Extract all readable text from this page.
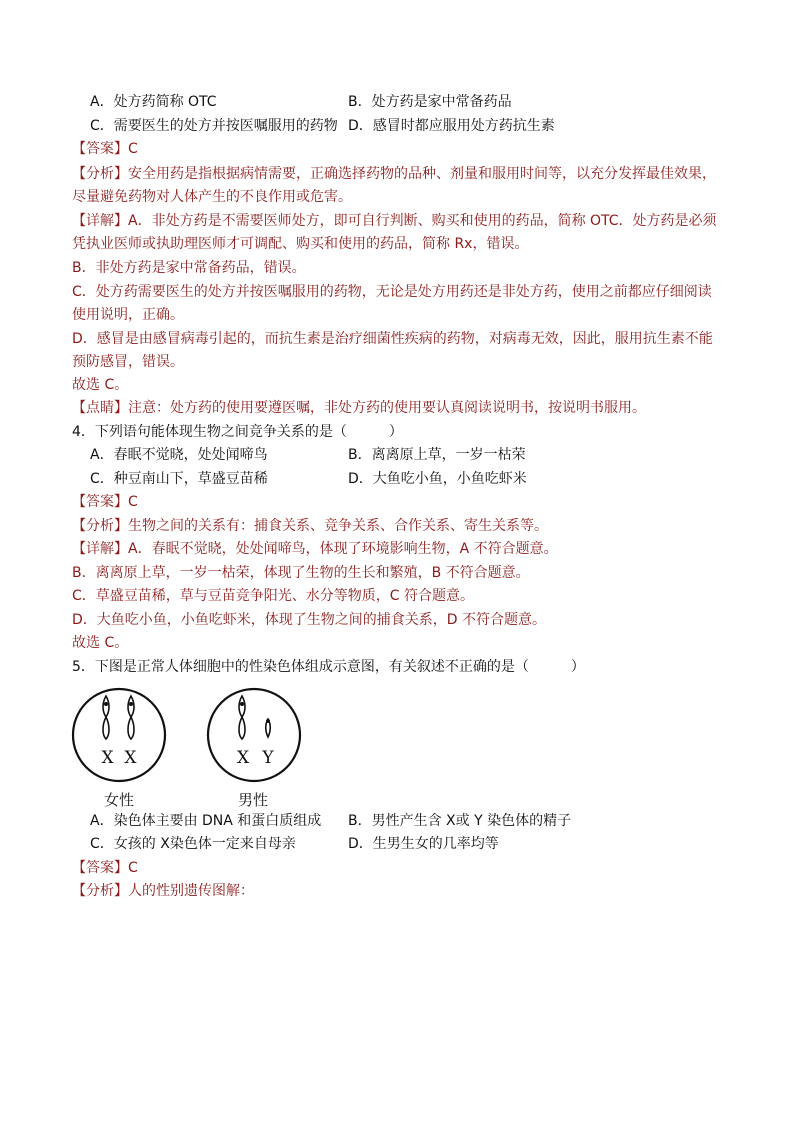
A．处方药简称 OTC	B．处方药是家中常备药品
C．需要医生的处方并按医嘱服用的药物 D．感冒时都应服用处方药抗生素
【答案】C
【分析】安全用药是指根据病情需要，正确选择药物的品种、剂量和服用时间等，以充分发挥最佳效果，尽量避免药物对人体产生的不良作用或危害。
【详解】A．非处方药是不需要医师处方，即可自行判断、购买和使用的药品，简称 OTC．处方药是必须凭执业医师或执助理医师才可调配、购买和使用的药品，简称 Rx，错误。
B．非处方药是家中常备药品，错误。
C．处方药需要医生的处方并按医嘱服用的药物，无论是处方用药还是非处方药，使用之前都应仔细阅读使用说明，正确。
D．感冒是由感冒病毒引起的，而抗生素是治疗细菌性疾病的药物，对病毒无效，因此，服用抗生素不能预防感冒，错误。
故选 C。
【点睛】注意：处方药的使用要遵医嘱，非处方药的使用要认真阅读说明书，按说明书服用。
4．下列语句能体现生物之间竞争关系的是（　　　）
A．春眠不觉晓，处处闻啼鸟	B．离离原上草，一岁一枯荣
C．种豆南山下，草盛豆苗稀	D．大鱼吃小鱼，小鱼吃虾米
【答案】C
【分析】生物之间的关系有：捕食关系、竞争关系、合作关系、寄生关系等。
【详解】A．春眠不觉晓，处处闻啼鸟，体现了环境影响生物，A 不符合题意。
B．离离原上草，一岁一枯荣，体现了生物的生长和繁殖，B 不符合题意。
C．草盛豆苗稀，草与豆苗竞争阳光、水分等物质，C 符合题意。
D．大鱼吃小鱼，小鱼吃虾米，体现了生物之间的捕食关系，D 不符合题意。
故选 C。
5．下图是正常人体细胞中的性染色体组成示意图，有关叙述不正确的是（　　　）
X  X	X Y
女性	男性
A．染色体主要由 DNA 和蛋白质组成	B．男性产生含 X或 Y 染色体的精子
C．女孩的 X染色体一定来自母亲	D．生男生女的几率均等
【答案】C
【分析】人的性别遗传图解：
